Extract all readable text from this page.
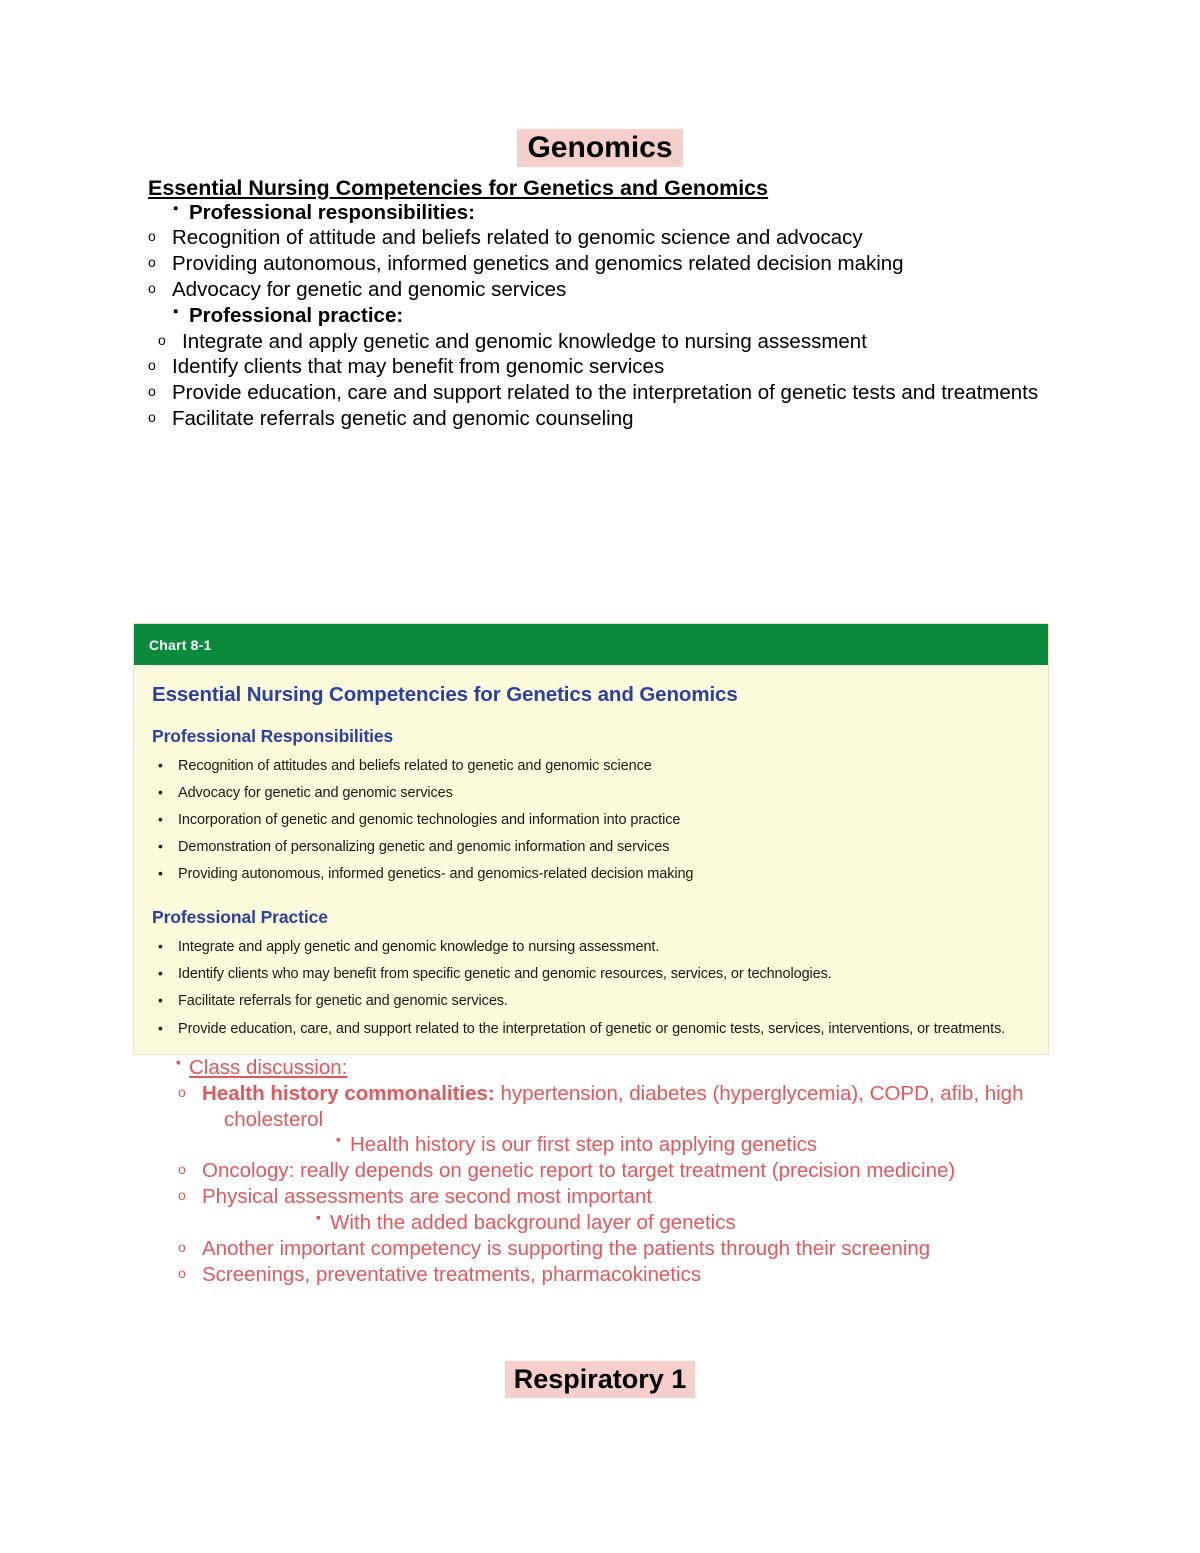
Genomics
Essential Nursing Competencies for Genetics and Genomics
▪ Professional responsibilities:
o Recognition of attitude and beliefs related to genomic science and advocacy
o Providing autonomous, informed genetics and genomics related decision making
o Advocacy for genetic and genomic services
▪ Professional practice:
o Integrate and apply genetic and genomic knowledge to nursing assessment
o Identify clients that may benefit from genomic services
o Provide education, care and support related to the interpretation of genetic tests and treatments
o Facilitate referrals genetic and genomic counseling
Chart 8-1
Essential Nursing Competencies for Genetics and Genomics
Professional Responsibilities
• Recognition of attitudes and beliefs related to genetic and genomic science
• Advocacy for genetic and genomic services
• Incorporation of genetic and genomic technologies and information into practice
• Demonstration of personalizing genetic and genomic information and services
• Providing autonomous, informed genetics- and genomics-related decision making
Professional Practice
• Integrate and apply genetic and genomic knowledge to nursing assessment.
• Identify clients who may benefit from specific genetic and genomic resources, services, or technologies.
• Facilitate referrals for genetic and genomic services.
• Provide education, care, and support related to the interpretation of genetic or genomic tests, services, interventions, or treatments.
▪ Class discussion:
o Health history commonalities: hypertension, diabetes (hyperglycemia), COPD, afib, high cholesterol
▪ Health history is our first step into applying genetics
o Oncology: really depends on genetic report to target treatment (precision medicine)
o Physical assessments are second most important
▪ With the added background layer of genetics
o Another important competency is supporting the patients through their screening
o Screenings, preventative treatments, pharmacokinetics
Respiratory 1
